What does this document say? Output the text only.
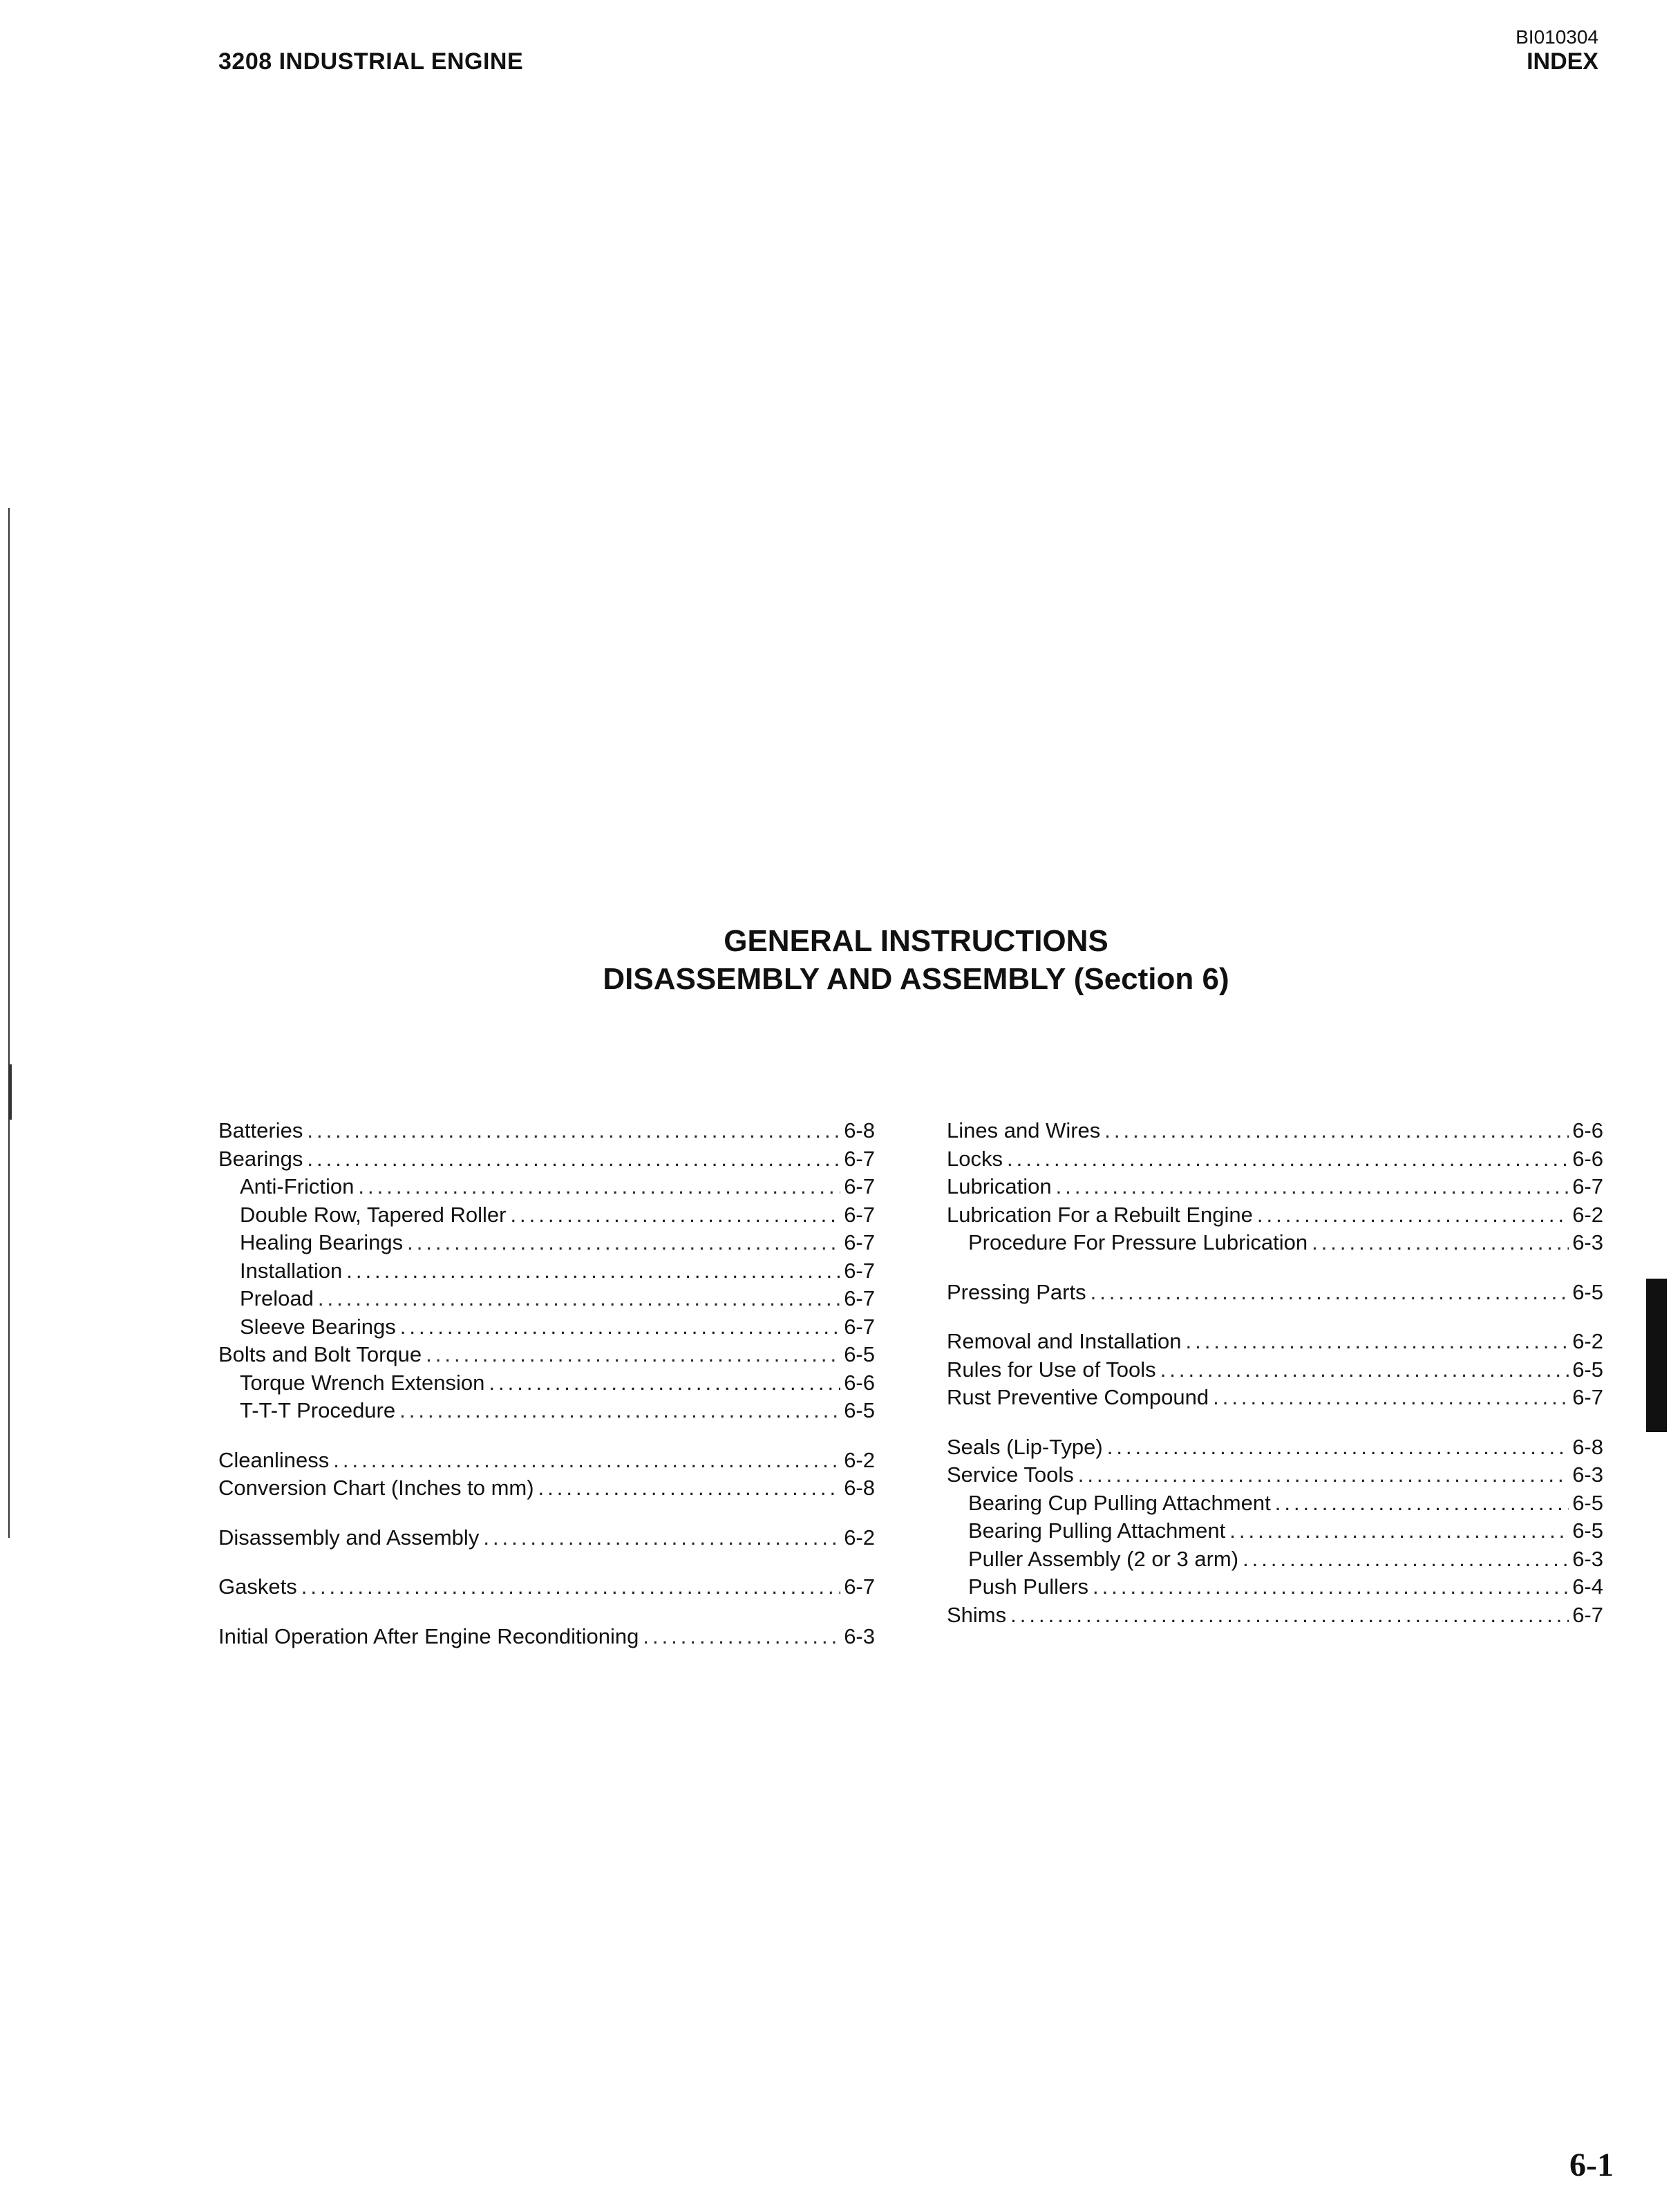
3208 INDUSTRIAL ENGINE
BI010304
INDEX
GENERAL INSTRUCTIONS
DISASSEMBLY AND ASSEMBLY (Section 6)
Batteries .....	6-8
Bearings .....	6-7
Anti-Friction .....	6-7
Double Row, Tapered Roller .....	6-7
Healing Bearings .....	6-7
Installation .....	6-7
Preload .....	6-7
Sleeve Bearings .....	6-7
Bolts and Bolt Torque .....	6-5
Torque Wrench Extension .....	6-6
T-T-T Procedure .....	6-5
Cleanliness .....	6-2
Conversion Chart (Inches to mm) .....	6-8
Disassembly and Assembly .....	6-2
Gaskets .....	6-7
Initial Operation After Engine Reconditioning .....	6-3
Lines and Wires .....	6-6
Locks .....	6-6
Lubrication .....	6-7
Lubrication For a Rebuilt Engine .....	6-2
Procedure For Pressure Lubrication .....	6-3
Pressing Parts .....	6-5
Removal and Installation .....	6-2
Rules for Use of Tools .....	6-5
Rust Preventive Compound .....	6-7
Seals (Lip-Type) .....	6-8
Service Tools .....	6-3
Bearing Cup Pulling Attachment .....	6-5
Bearing Pulling Attachment .....	6-5
Puller Assembly (2 or 3 arm) .....	6-3
Push Pullers .....	6-4
Shims .....	6-7
6-1
